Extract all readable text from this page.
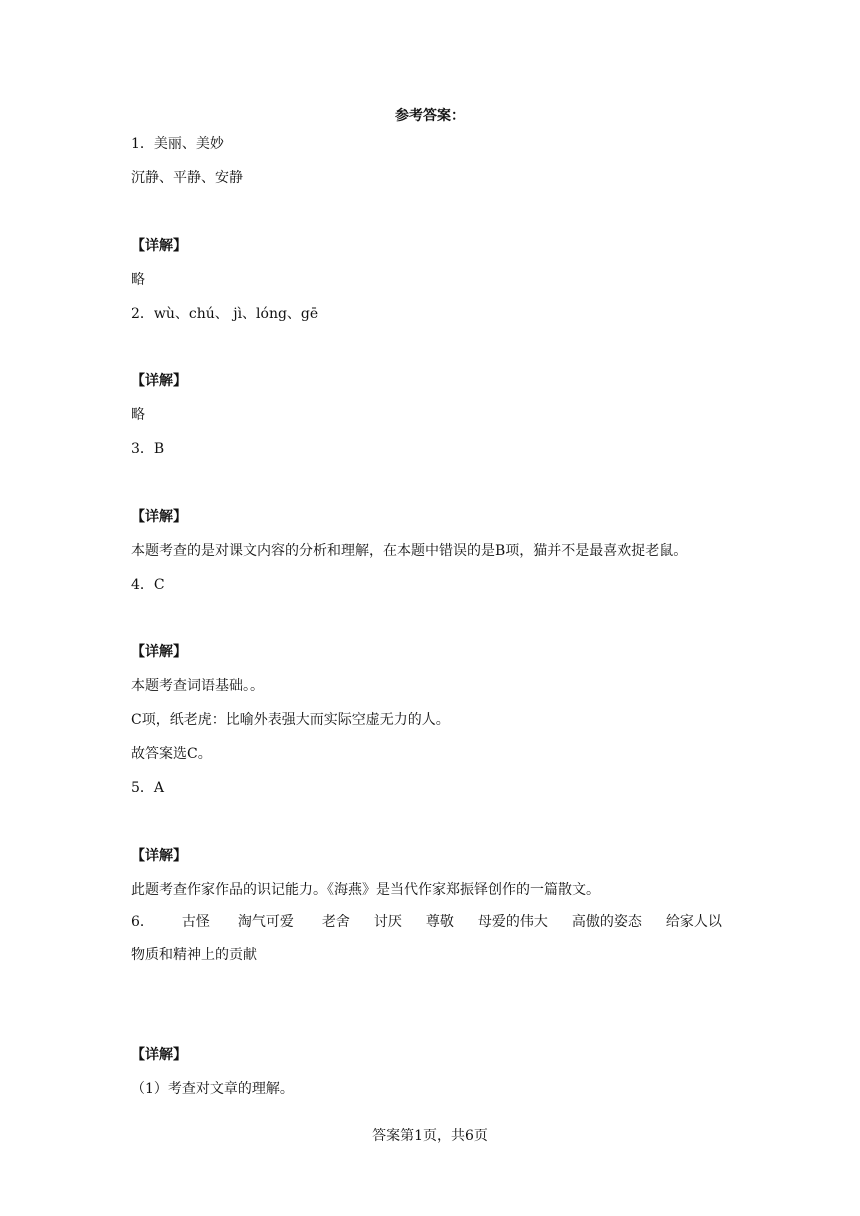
参考答案：
1．美丽、美妙
沉静、平静、安静
【详解】
略
2．wù、chú、 jì、lóng、gē
【详解】
略
3．B
【详解】
本题考查的是对课文内容的分析和理解，在本题中错误的是B项，猫并不是最喜欢捉老鼠。
4．C
【详解】
本题考查词语基础。。
C项，纸老虎：比喻外表强大而实际空虚无力的人。
故答案选C。
5．A
【详解】
此题考查作家作品的识记能力。《海燕》是当代作家郑振铎创作的一篇散文。
6． 古怪 淘气可爱 老舍 讨厌 尊敬 母爱的伟大 高傲的姿态 给家人以
物质和精神上的贡献
【详解】
（1）考查对文章的理解。
答案第1页，共6页
